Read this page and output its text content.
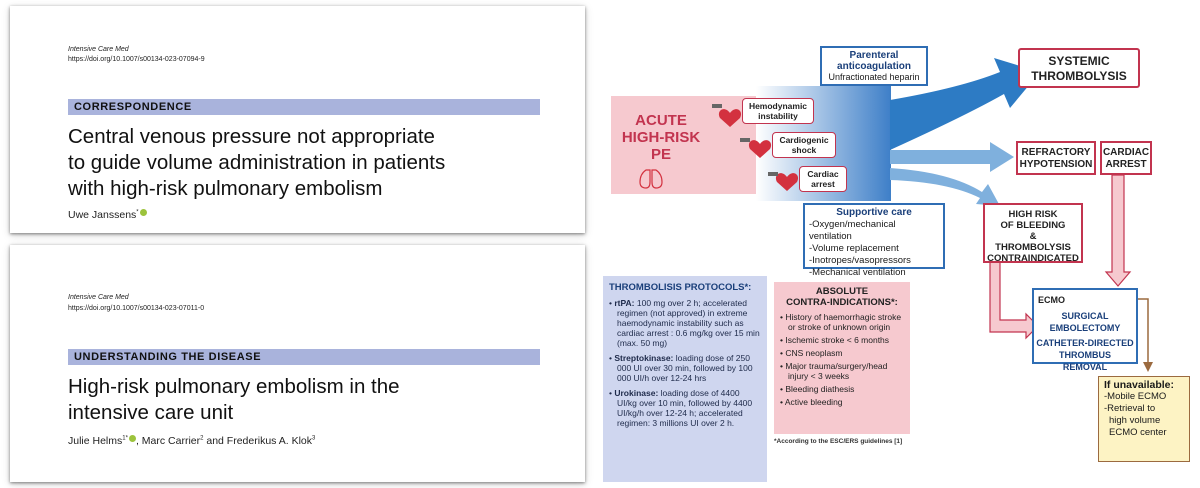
Intensive Care Med
https://doi.org/10.1007/s00134-023-07094-9
CORRESPONDENCE
Central venous pressure not appropriate
to guide volume administration in patients
with high-risk pulmonary embolism
Uwe Janssens*
Intensive Care Med
https://doi.org/10.1007/s00134-023-07011-0
UNDERSTANDING THE DISEASE
High-risk pulmonary embolism in the
intensive care unit
Julie Helms$^{1*}$ , Marc Carrier$^2$ and Frederikus A. Klok$^3$
ACUTE
HIGH-RISK
PE
Hemodynamic
instability
Cardiogenic
shock
Cardiac
arrest
Parenteral
anticoagulation
Unfractionated heparin
Supportive care
-Oxygen/mechanical ventilation
-Volume replacement
-Inotropes/vasopressors
-Mechanical ventilation
SYSTEMIC
THROMBOLYSIS
REFRACTORY
HYPOTENSION
CARDIAC
ARREST
HIGH RISK
OF BLEEDING
&
THROMBOLYSIS
CONTRAINDICATED
ECMO
SURGICAL
EMBOLECTOMY
CATHETER-DIRECTED
THROMBUS REMOVAL
If unavailable:
-Mobile ECMO
-Retrieval to
high volume
ECMO center
THROMBOLISIS PROTOCOLS*:
• rtPA: 100 mg over 2 h; accelerated regimen (not approved) in extreme haemodynamic instability such as cardiac arrest : 0.6 mg/kg over 15 min (max. 50 mg)
• Streptokinase: loading dose of 250 000 UI over 30 min, followed by 100 000 UI/h over 12-24 hrs
• Urokinase: loading dose of 4400 UI/kg over 10 min, followed by 4400 UI/kg/h over 12-24 h; accelerated regimen: 3 millions UI over 2 h.
ABSOLUTE
CONTRA-INDICATIONS*:
• History of haemorrhagic stroke or stroke of unknown origin
• Ischemic stroke < 6 months
• CNS neoplasm
• Major trauma/surgery/head injury < 3 weeks
• Bleeding diathesis
• Active bleeding
*According to the ESC/ERS guidelines [1]
